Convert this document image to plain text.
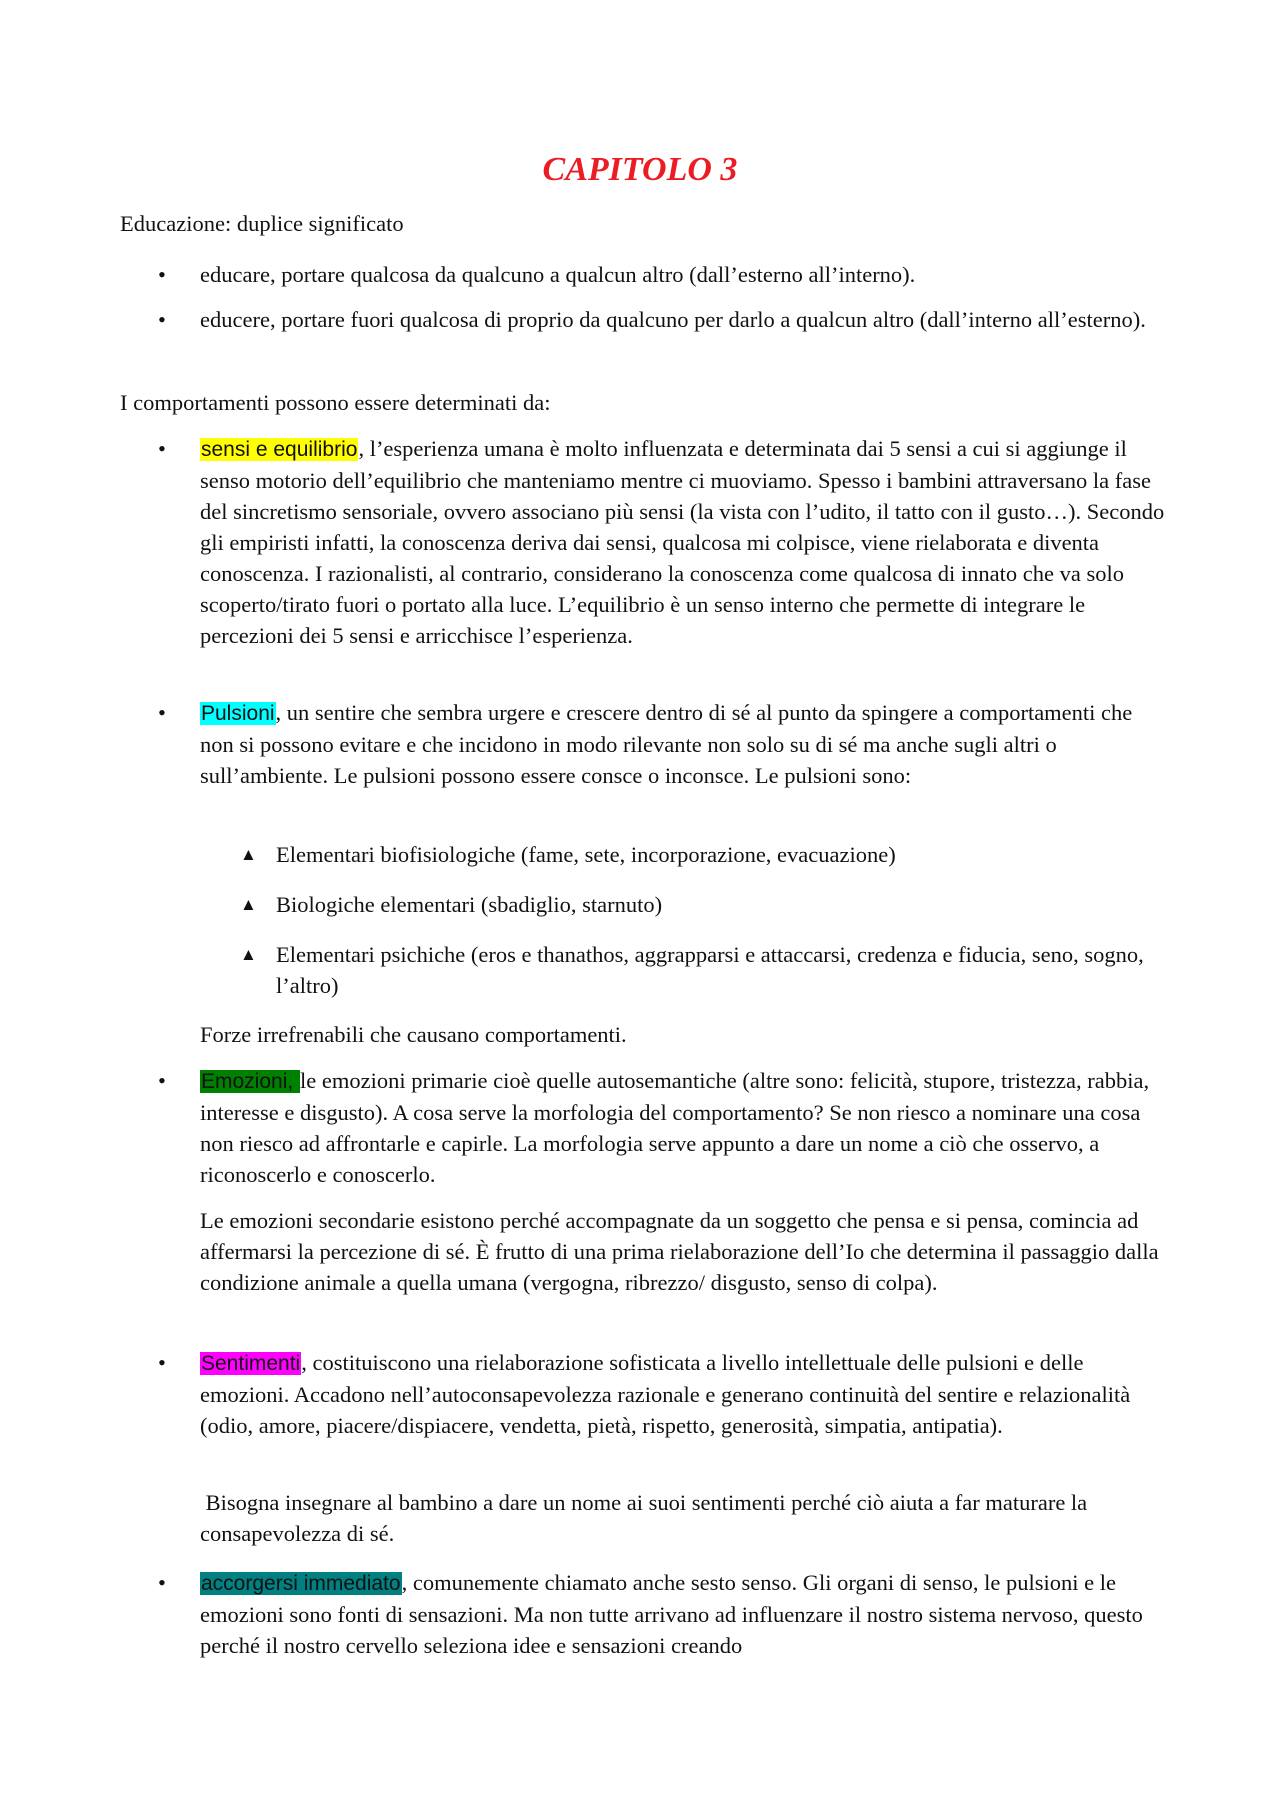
CAPITOLO 3

Educazione: duplice significato

•	educare, portare qualcosa da qualcuno a qualcun altro (dall’esterno all’interno).
•	educere, portare fuori qualcosa di proprio da qualcuno per darlo a qualcun altro (dall’interno all’esterno).

I comportamenti possono essere determinati da:

•	sensi e equilibrio, l’esperienza umana è molto influenzata e determinata dai 5 sensi a cui si aggiunge il senso motorio dell’equilibrio che manteniamo mentre ci muoviamo. Spesso i bambini attraversano la fase del sincretismo sensoriale, ovvero associano più sensi (la vista con l’udito, il tatto con il gusto…). Secondo gli empiristi infatti, la conoscenza deriva dai sensi, qualcosa mi colpisce, viene rielaborata e diventa conoscenza. I razionalisti, al contrario, considerano la conoscenza come qualcosa di innato che va solo scoperto/tirato fuori o portato alla luce. L’equilibrio è un senso interno che permette di integrare le percezioni dei 5 sensi e arricchisce l’esperienza.
•	Pulsioni, un sentire che sembra urgere e crescere dentro di sé al punto da spingere a comportamenti che non si possono evitare e che incidono in modo rilevante non solo su di sé ma anche sugli altri o sull’ambiente. Le pulsioni possono essere consce o inconsce. Le pulsioni sono:
▲ Elementari biofisiologiche (fame, sete, incorporazione, evacuazione)
▲ Biologiche elementari (sbadiglio, starnuto)
▲ Elementari psichiche (eros e thanathos, aggrapparsi e attaccarsi, credenza e fiducia, seno, sogno, l’altro)

Forze irrefrenabili che causano comportamenti.

•	Emozioni, le emozioni primarie cioè quelle autosemantiche (altre sono: felicità, stupore, tristezza, rabbia, interesse e disgusto). A cosa serve la morfologia del comportamento? Se non riesco a nominare una cosa non riesco ad affrontarle e capirle. La morfologia serve appunto a dare un nome a ciò che osservo, a riconoscerlo e conoscerlo.

Le emozioni secondarie esistono perché accompagnate da un soggetto che pensa e si pensa, comincia ad affermarsi la percezione di sé. È frutto di una prima rielaborazione dell’Io che determina il passaggio dalla condizione animale a quella umana (vergogna, ribrezzo/ disgusto, senso di colpa).

•	Sentimenti, costituiscono una rielaborazione sofisticata a livello intellettuale delle pulsioni e delle emozioni. Accadono nell’autoconsapevolezza razionale e generano continuità del sentire e relazionalità (odio, amore, piacere/dispiacere, vendetta, pietà, rispetto, generosità, simpatia, antipatia).

Bisogna insegnare al bambino a dare un nome ai suoi sentimenti perché ciò aiuta a far maturare la consapevolezza di sé.

•	accorgersi immediato, comunemente chiamato anche sesto senso. Gli organi di senso, le pulsioni e le emozioni sono fonti di sensazioni. Ma non tutte arrivano ad influenzare il nostro sistema nervoso, questo perché il nostro cervello seleziona idee e sensazioni creando
